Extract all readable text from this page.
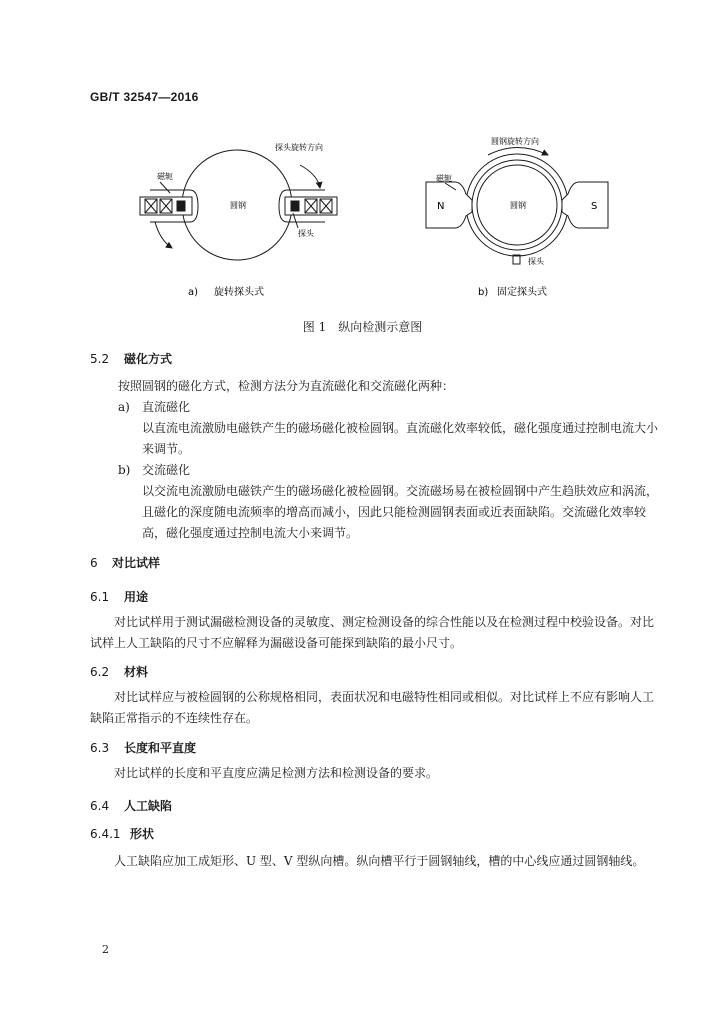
GB/T 32547—2016
探头旋转方向
磁轭
圆钢
探头
圆钢旋转方向
磁轭
圆钢
N	S
探头
a) 旋转探头式	b) 固定探头式
图 1　纵向检测示意图
5.2 磁化方式
按照圆钢的磁化方式，检测方法分为直流磁化和交流磁化两种：
a) 直流磁化
以直流电流激励电磁铁产生的磁场磁化被检圆钢。直流磁化效率较低，磁化强度通过控制电流大小来调节。
b) 交流磁化
以交流电流激励电磁铁产生的磁场磁化被检圆钢。交流磁场易在被检圆钢中产生趋肤效应和涡流，且磁化的深度随电流频率的增高而减小，因此只能检测圆钢表面或近表面缺陷。交流磁化效率较高，磁化强度通过控制电流大小来调节。
6 对比试样
6.1 用途
对比试样用于测试漏磁检测设备的灵敏度、测定检测设备的综合性能以及在检测过程中校验设备。对比试样上人工缺陷的尺寸不应解释为漏磁设备可能探到缺陷的最小尺寸。
6.2 材料
对比试样应与被检圆钢的公称规格相同，表面状况和电磁特性相同或相似。对比试样上不应有影响人工缺陷正常指示的不连续性存在。
6.3 长度和平直度
对比试样的长度和平直度应满足检测方法和检测设备的要求。
6.4 人工缺陷
6.4.1 形状
人工缺陷应加工成矩形、U 型、V 型纵向槽。纵向槽平行于圆钢轴线，槽的中心线应通过圆钢轴线。
2
